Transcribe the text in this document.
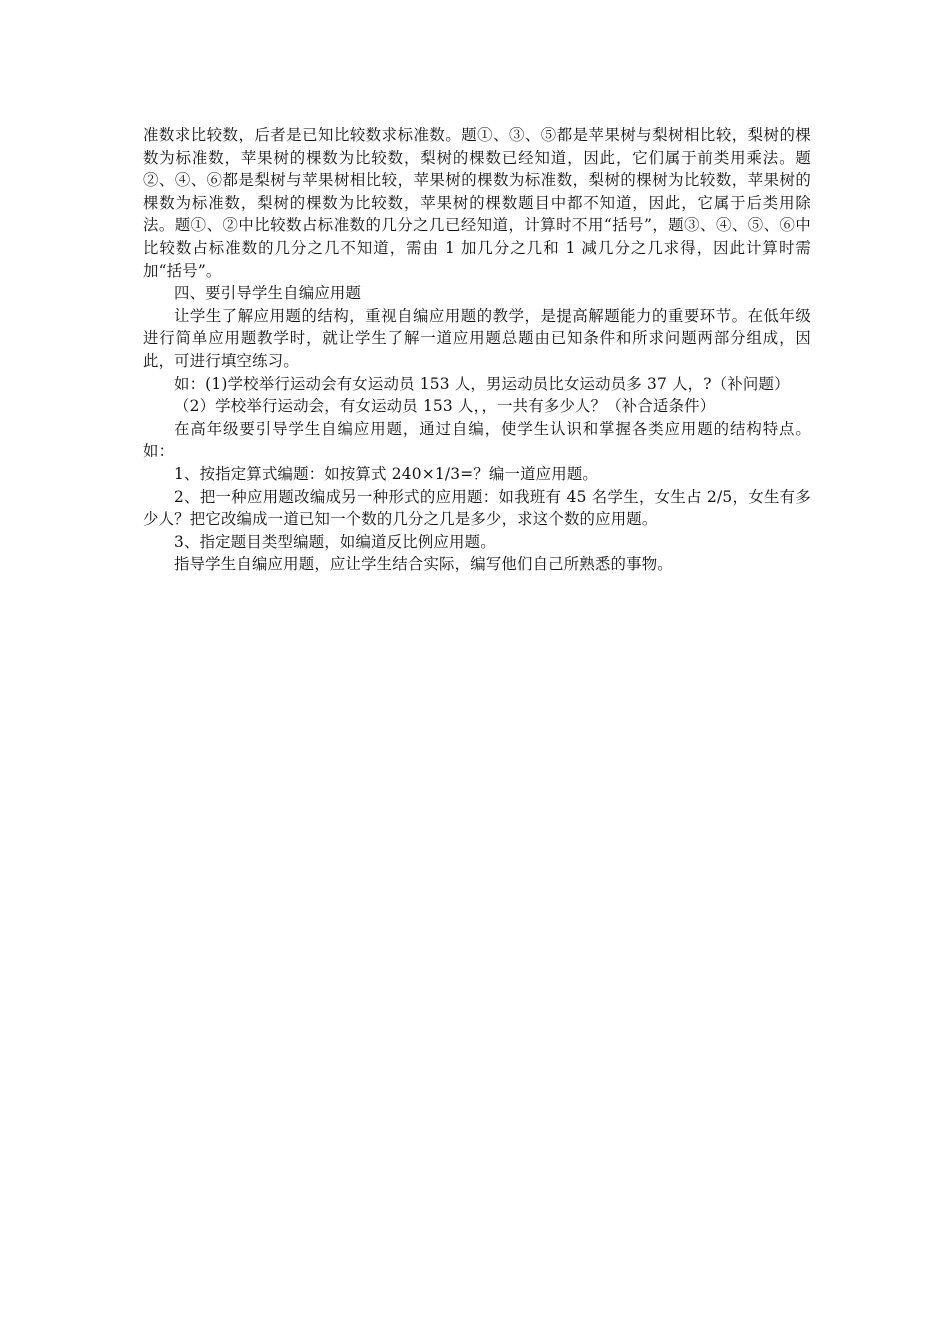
准数求比较数，后者是已知比较数求标准数。题①、③、⑤都是苹果树与梨树相比较，梨树的棵数为标准数，苹果树的棵数为比较数，梨树的棵数已经知道，因此，它们属于前类用乘法。题②、④、⑥都是梨树与苹果树相比较，苹果树的棵数为标准数，梨树的棵树为比较数，苹果树的棵数为标准数，梨树的棵数为比较数，苹果树的棵数题目中都不知道，因此，它属于后类用除法。题①、②中比较数占标准数的几分之几已经知道，计算时不用“括号”，题③、④、⑤、⑥中比较数占标准数的几分之几不知道，需由 1 加几分之几和 1 减几分之几求得，因此计算时需加“括号”。

四、要引导学生自编应用题

让学生了解应用题的结构，重视自编应用题的教学，是提高解题能力的重要环节。在低年级进行简单应用题教学时，就让学生了解一道应用题总题由已知条件和所求问题两部分组成，因此，可进行填空练习。

如：(1)学校举行运动会有女运动员 153 人，男运动员比女运动员多 37 人，?（补问题）

（2）学校举行运动会，有女运动员 153 人，，一共有多少人？（补合适条件）

在高年级要引导学生自编应用题，通过自编，使学生认识和掌握各类应用题的结构特点。如：

1、按指定算式编题：如按算式 240×1/3=？编一道应用题。

2、把一种应用题改编成另一种形式的应用题：如我班有 45 名学生，女生占 2/5，女生有多少人？把它改编成一道已知一个数的几分之几是多少，求这个数的应用题。

3、指定题目类型编题，如编道反比例应用题。

指导学生自编应用题，应让学生结合实际，编写他们自己所熟悉的事物。
